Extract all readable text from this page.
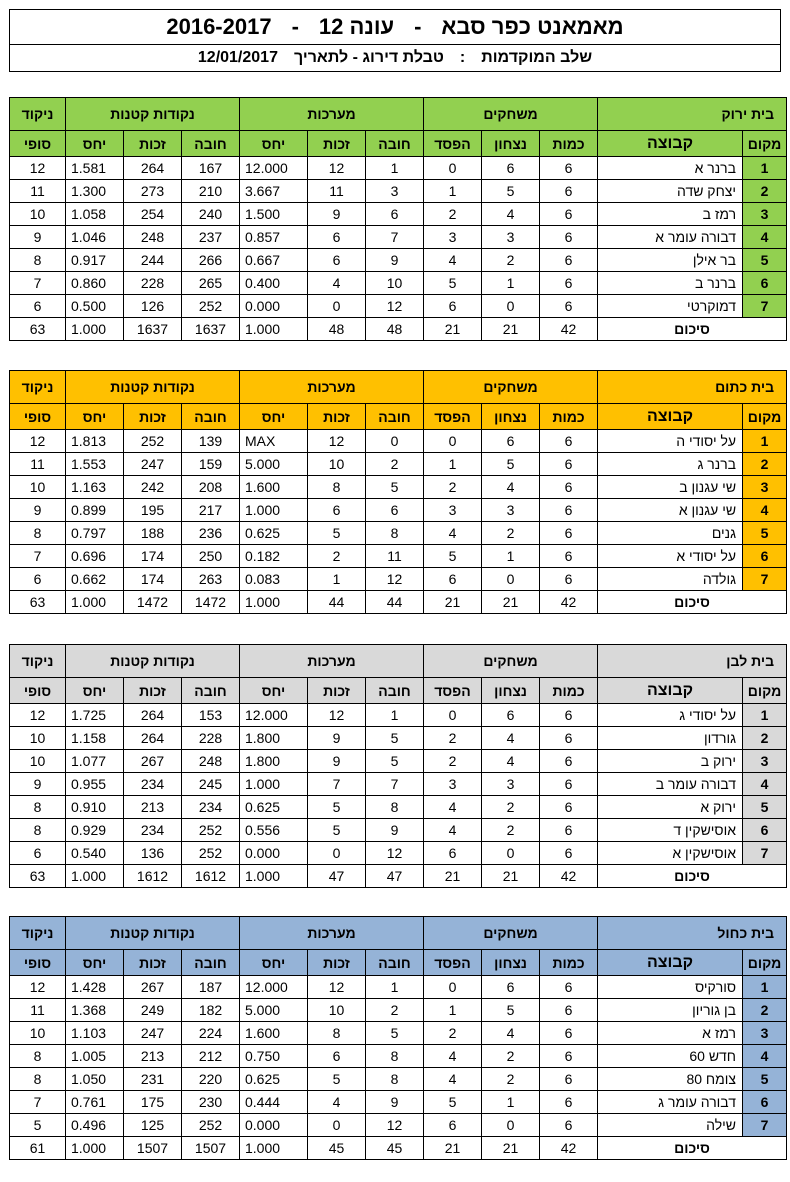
מאמאנט כפר סבא
-
עונה 12
-
2016-2017
שלב המוקדמות
:
טבלת דירוג - לתאריך
12/01/2017
בית ירוק		משחקים			מערכות			נקודות קטנות			ניקוד
מקום	קבוצה	כמות	נצחון	הפסד	חובה	זכות	יחס	חובה	זכות	יחס	סופי
1	ברנר א	6	6	0	1	12	12.000	167	264	1.581	12
2	יצחק שדה	6	5	1	3	11	3.667	210	273	1.300	11
3	רמז ב	6	4	2	6	9	1.500	240	254	1.058	10
4	דבורה עומר א	6	3	3	7	6	0.857	237	248	1.046	9
5	בר אילן	6	2	4	9	6	0.667	266	244	0.917	8
6	ברנר ב	6	1	5	10	4	0.400	265	228	0.860	7
7	דמוקרטי	6	0	6	12	0	0.000	252	126	0.500	6
סיכום		42	21	21	48	48	1.000	1637	1637	1.000	63
בית כתום		משחקים			מערכות			נקודות קטנות			ניקוד
מקום	קבוצה	כמות	נצחון	הפסד	חובה	זכות	יחס	חובה	זכות	יחס	סופי
1	על יסודי ה	6	6	0	0	12	MAX	139	252	1.813	12
2	ברנר ג	6	5	1	2	10	5.000	159	247	1.553	11
3	שי עגנון ב	6	4	2	5	8	1.600	208	242	1.163	10
4	שי עגנון א	6	3	3	6	6	1.000	217	195	0.899	9
5	גנים	6	2	4	8	5	0.625	236	188	0.797	8
6	על יסודי א	6	1	5	11	2	0.182	250	174	0.696	7
7	גולדה	6	0	6	12	1	0.083	263	174	0.662	6
סיכום		42	21	21	44	44	1.000	1472	1472	1.000	63
בית לבן		משחקים			מערכות			נקודות קטנות			ניקוד
מקום	קבוצה	כמות	נצחון	הפסד	חובה	זכות	יחס	חובה	זכות	יחס	סופי
1	על יסודי ג	6	6	0	1	12	12.000	153	264	1.725	12
2	גורדון	6	4	2	5	9	1.800	228	264	1.158	10
3	ירוק ב	6	4	2	5	9	1.800	248	267	1.077	10
4	דבורה עומר ב	6	3	3	7	7	1.000	245	234	0.955	9
5	ירוק א	6	2	4	8	5	0.625	234	213	0.910	8
6	אוסישקין ד	6	2	4	9	5	0.556	252	234	0.929	8
7	אוסישקין א	6	0	6	12	0	0.000	252	136	0.540	6
סיכום		42	21	21	47	47	1.000	1612	1612	1.000	63
בית כחול		משחקים			מערכות			נקודות קטנות			ניקוד
מקום	קבוצה	כמות	נצחון	הפסד	חובה	זכות	יחס	חובה	זכות	יחס	סופי
1	סורקיס	6	6	0	1	12	12.000	187	267	1.428	12
2	בן גוריון	6	5	1	2	10	5.000	182	249	1.368	11
3	רמז א	6	4	2	5	8	1.600	224	247	1.103	10
4	חדש 60	6	2	4	8	6	0.750	212	213	1.005	8
5	צומח 80	6	2	4	8	5	0.625	220	231	1.050	8
6	דבורה עומר ג	6	1	5	9	4	0.444	230	175	0.761	7
7	שילה	6	0	6	12	0	0.000	252	125	0.496	5
סיכום		42	21	21	45	45	1.000	1507	1507	1.000	61
